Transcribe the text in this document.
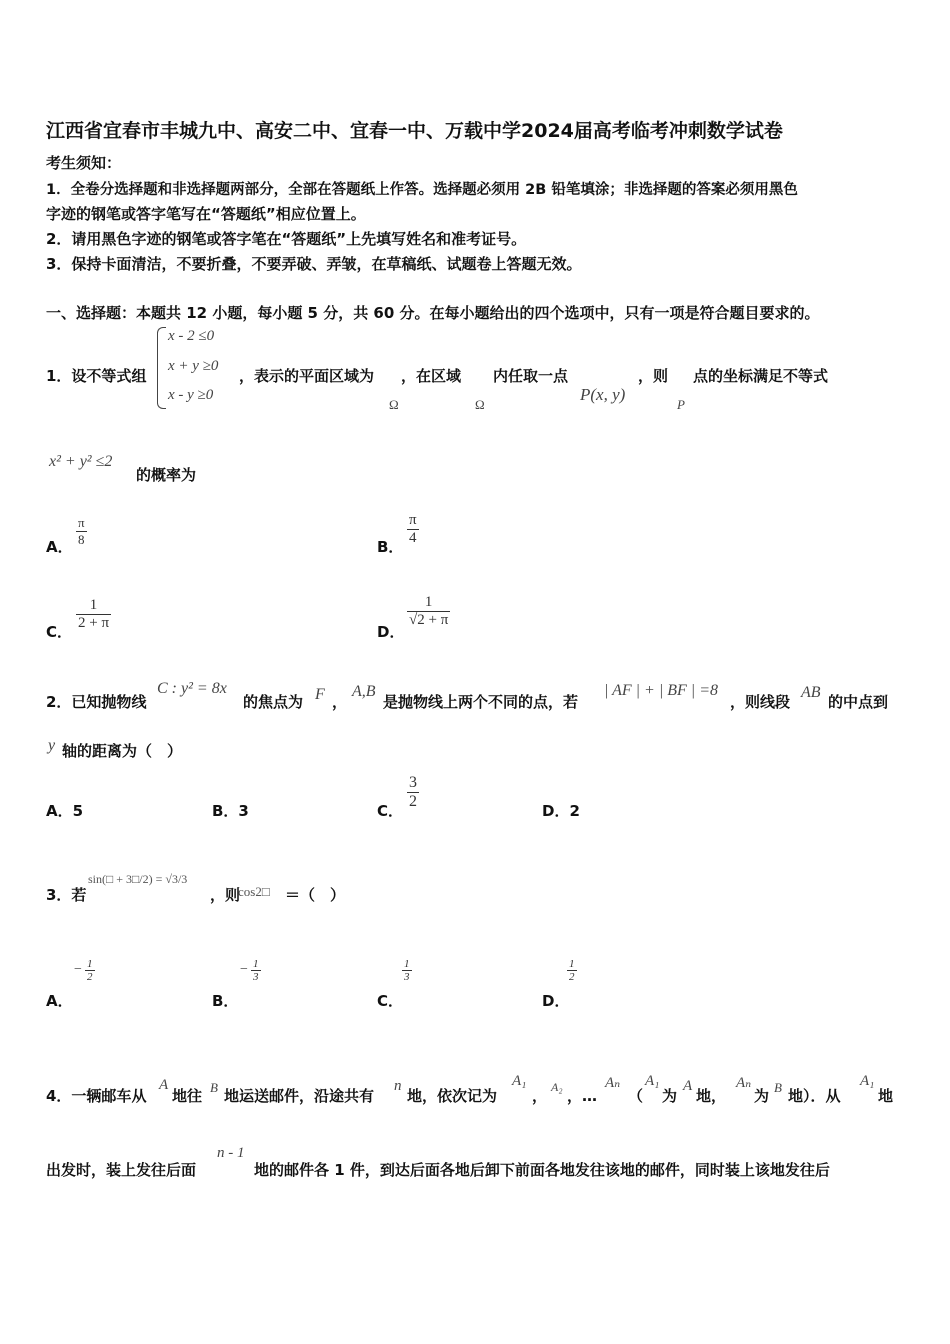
江西省宜春市丰城九中、高安二中、宜春一中、万载中学2024届高考临考冲刺数学试卷
考生须知：
1．全卷分选择题和非选择题两部分，全部在答题纸上作答。选择题必须用 2B 铅笔填涂；非选择题的答案必须用黑色
字迹的钢笔或答字笔写在“答题纸”相应位置上。
2．请用黑色字迹的钢笔或答字笔在“答题纸”上先填写姓名和准考证号。
3．保持卡面清洁，不要折叠，不要弄破、弄皱，在草稿纸、试题卷上答题无效。
一、选择题：本题共 12 小题，每小题 5 分，共 60 分。在每小题给出的四个选项中，只有一项是符合题目要求的。
1．设不等式组
x - 2 ≤0
x + y ≥0
x - y ≥0
，表示的平面区域为 ，在区域 内任取一点	，则 点的坐标满足不等式
Ω	Ω
P(x, y)
P
x² + y² ≤2
的概率为
A． $\frac{\pi}{8}$	B． $\frac{\pi}{4}$
C． $\frac{1}{2 + \pi}$	D．
$\frac{1}{√2 + \pi}$
2．已知抛物线
C : y² = 8x
的焦点为 F ，
A,B
是抛物线上两个不同的点，若
| AF | + | BF | =8
，则线段
AB
的中点到
y 轴的距离为（　）
A．5	B．3	C． $\frac{3}{2}$	D．2
3．若
sin(□ + 3□/2) = √3/3
，则
cos2□ ＝（　）
A．
− $\frac{1}{2}$
B．
− $\frac{1}{3}$
C．
$\frac{1}{3}$
D．
$\frac{1}{2}$
4．一辆邮车从
A
地往 B 地运送邮件，沿途共有
n
地，依次记为
A₁
， A₂ ，…
Aₙ
（
A₁
为
A
地，
Aₙ
为 B 地）．从
A₁
地
出发时，装上发往后面
n - 1
地的邮件各 1 件，到达后面各地后卸下前面各地发往该地的邮件，同时装上该地发往后
